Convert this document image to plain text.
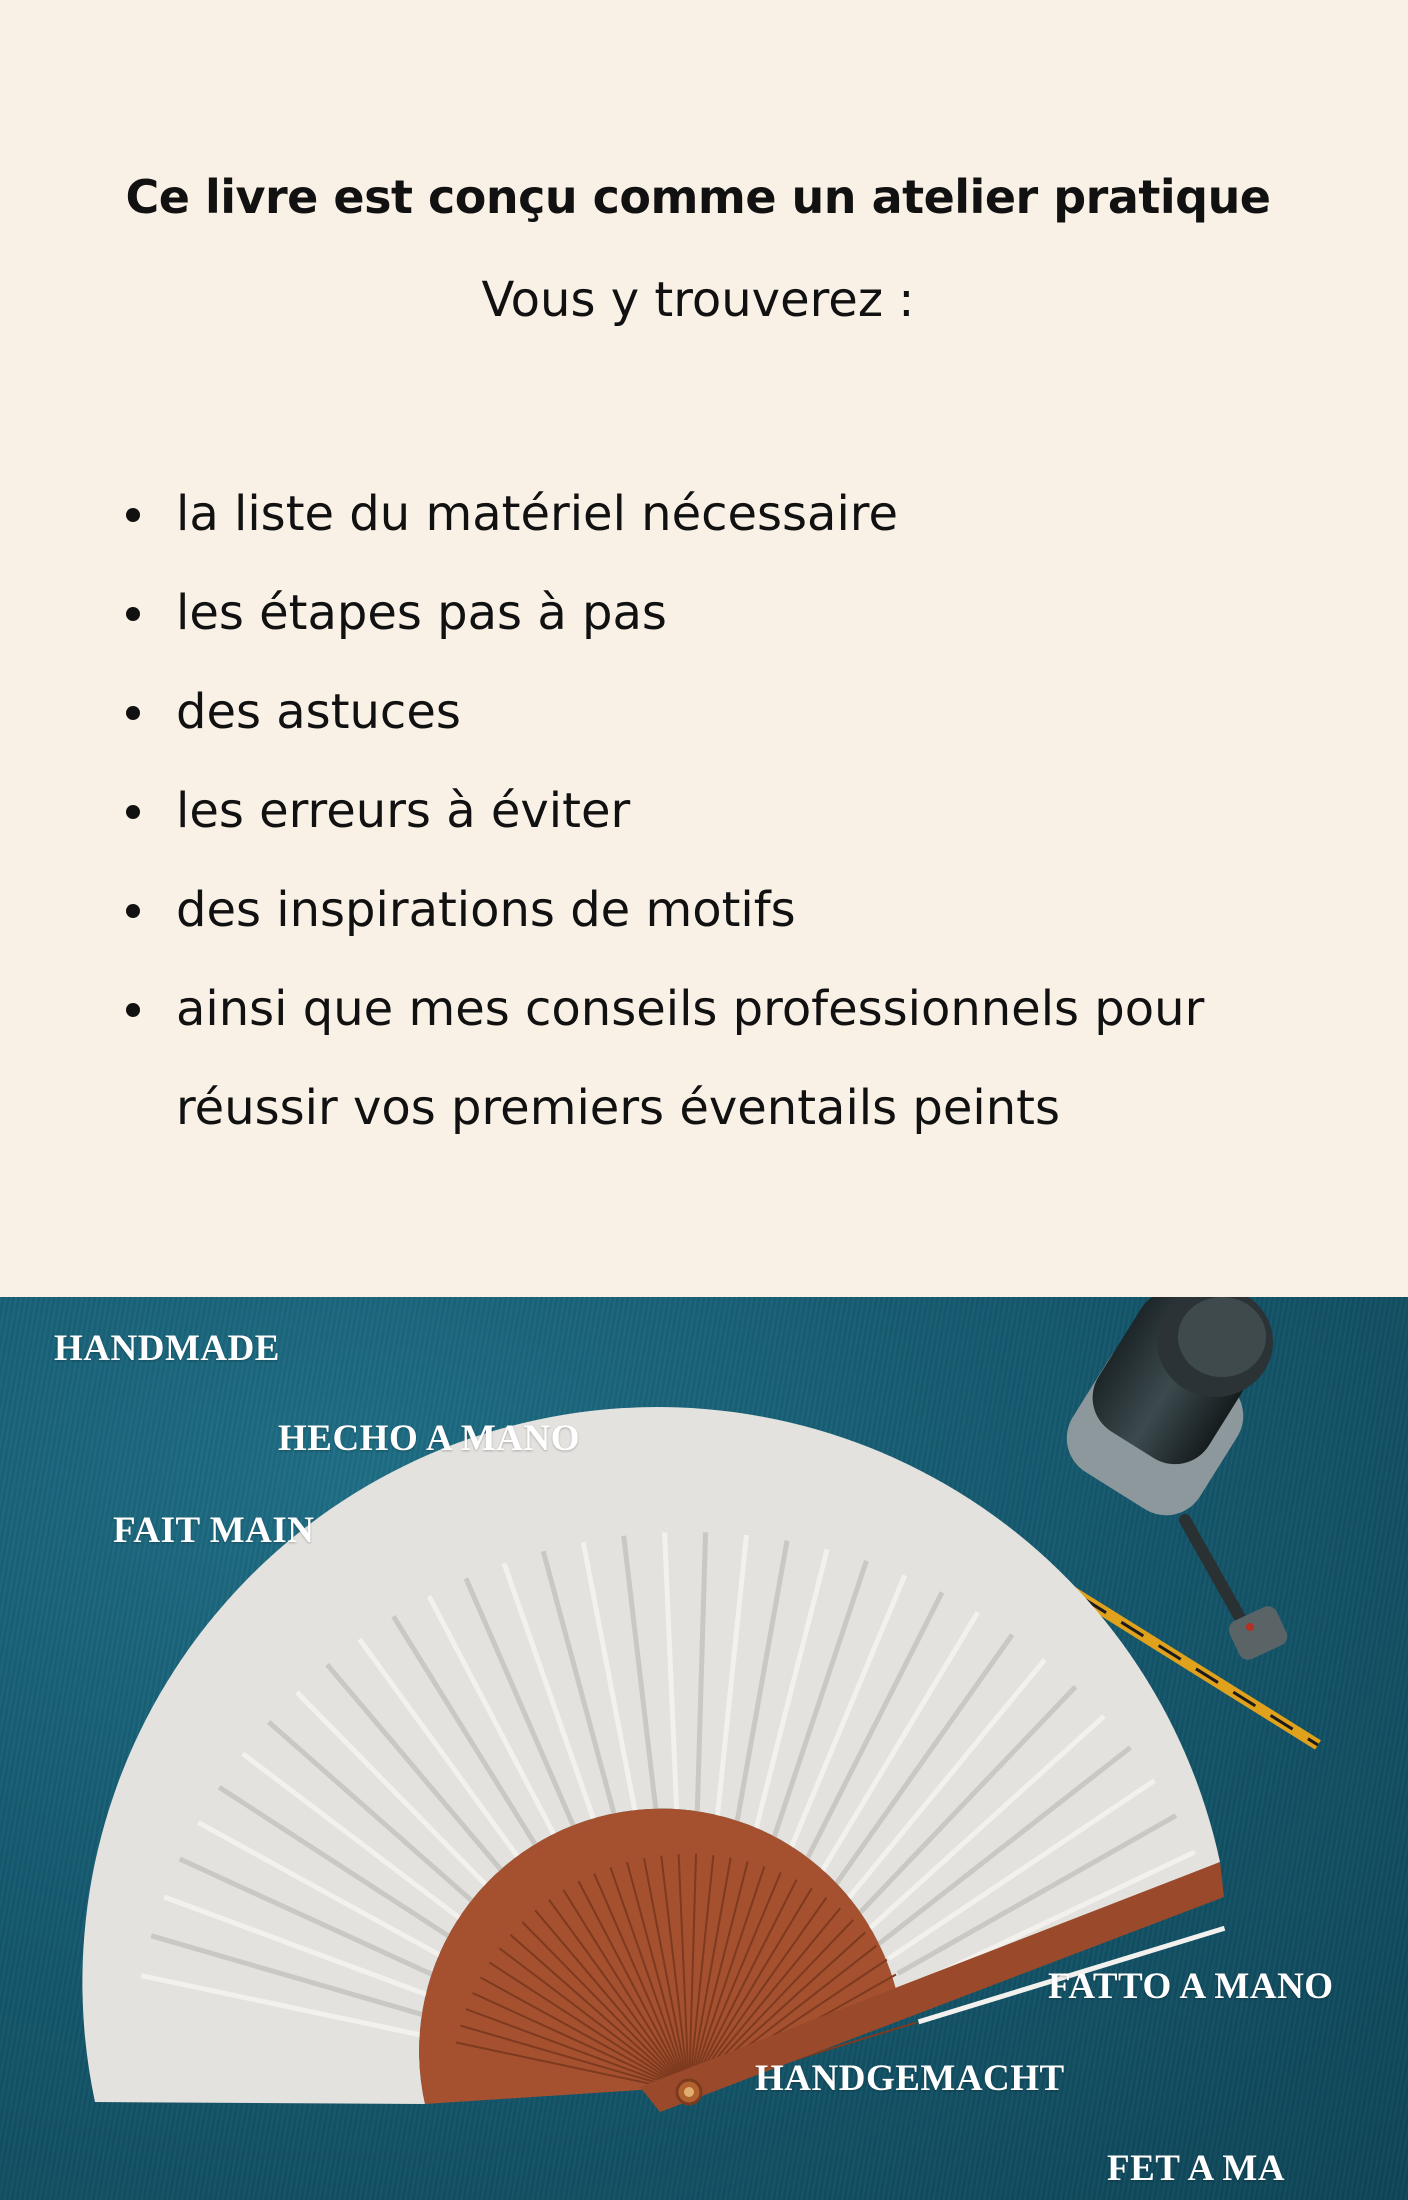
Ce livre est conçu comme un atelier pratique

Vous y trouverez :

la liste du matériel nécessaire
les étapes pas à pas
des astuces
les erreurs à éviter
des inspirations de motifs
ainsi que mes conseils professionnels pour
réussir vos premiers éventails peints
HANDMADE
HECHO A MANO
FAIT MAIN
FATTO A MANO
HANDGEMACHT
FET A MA
